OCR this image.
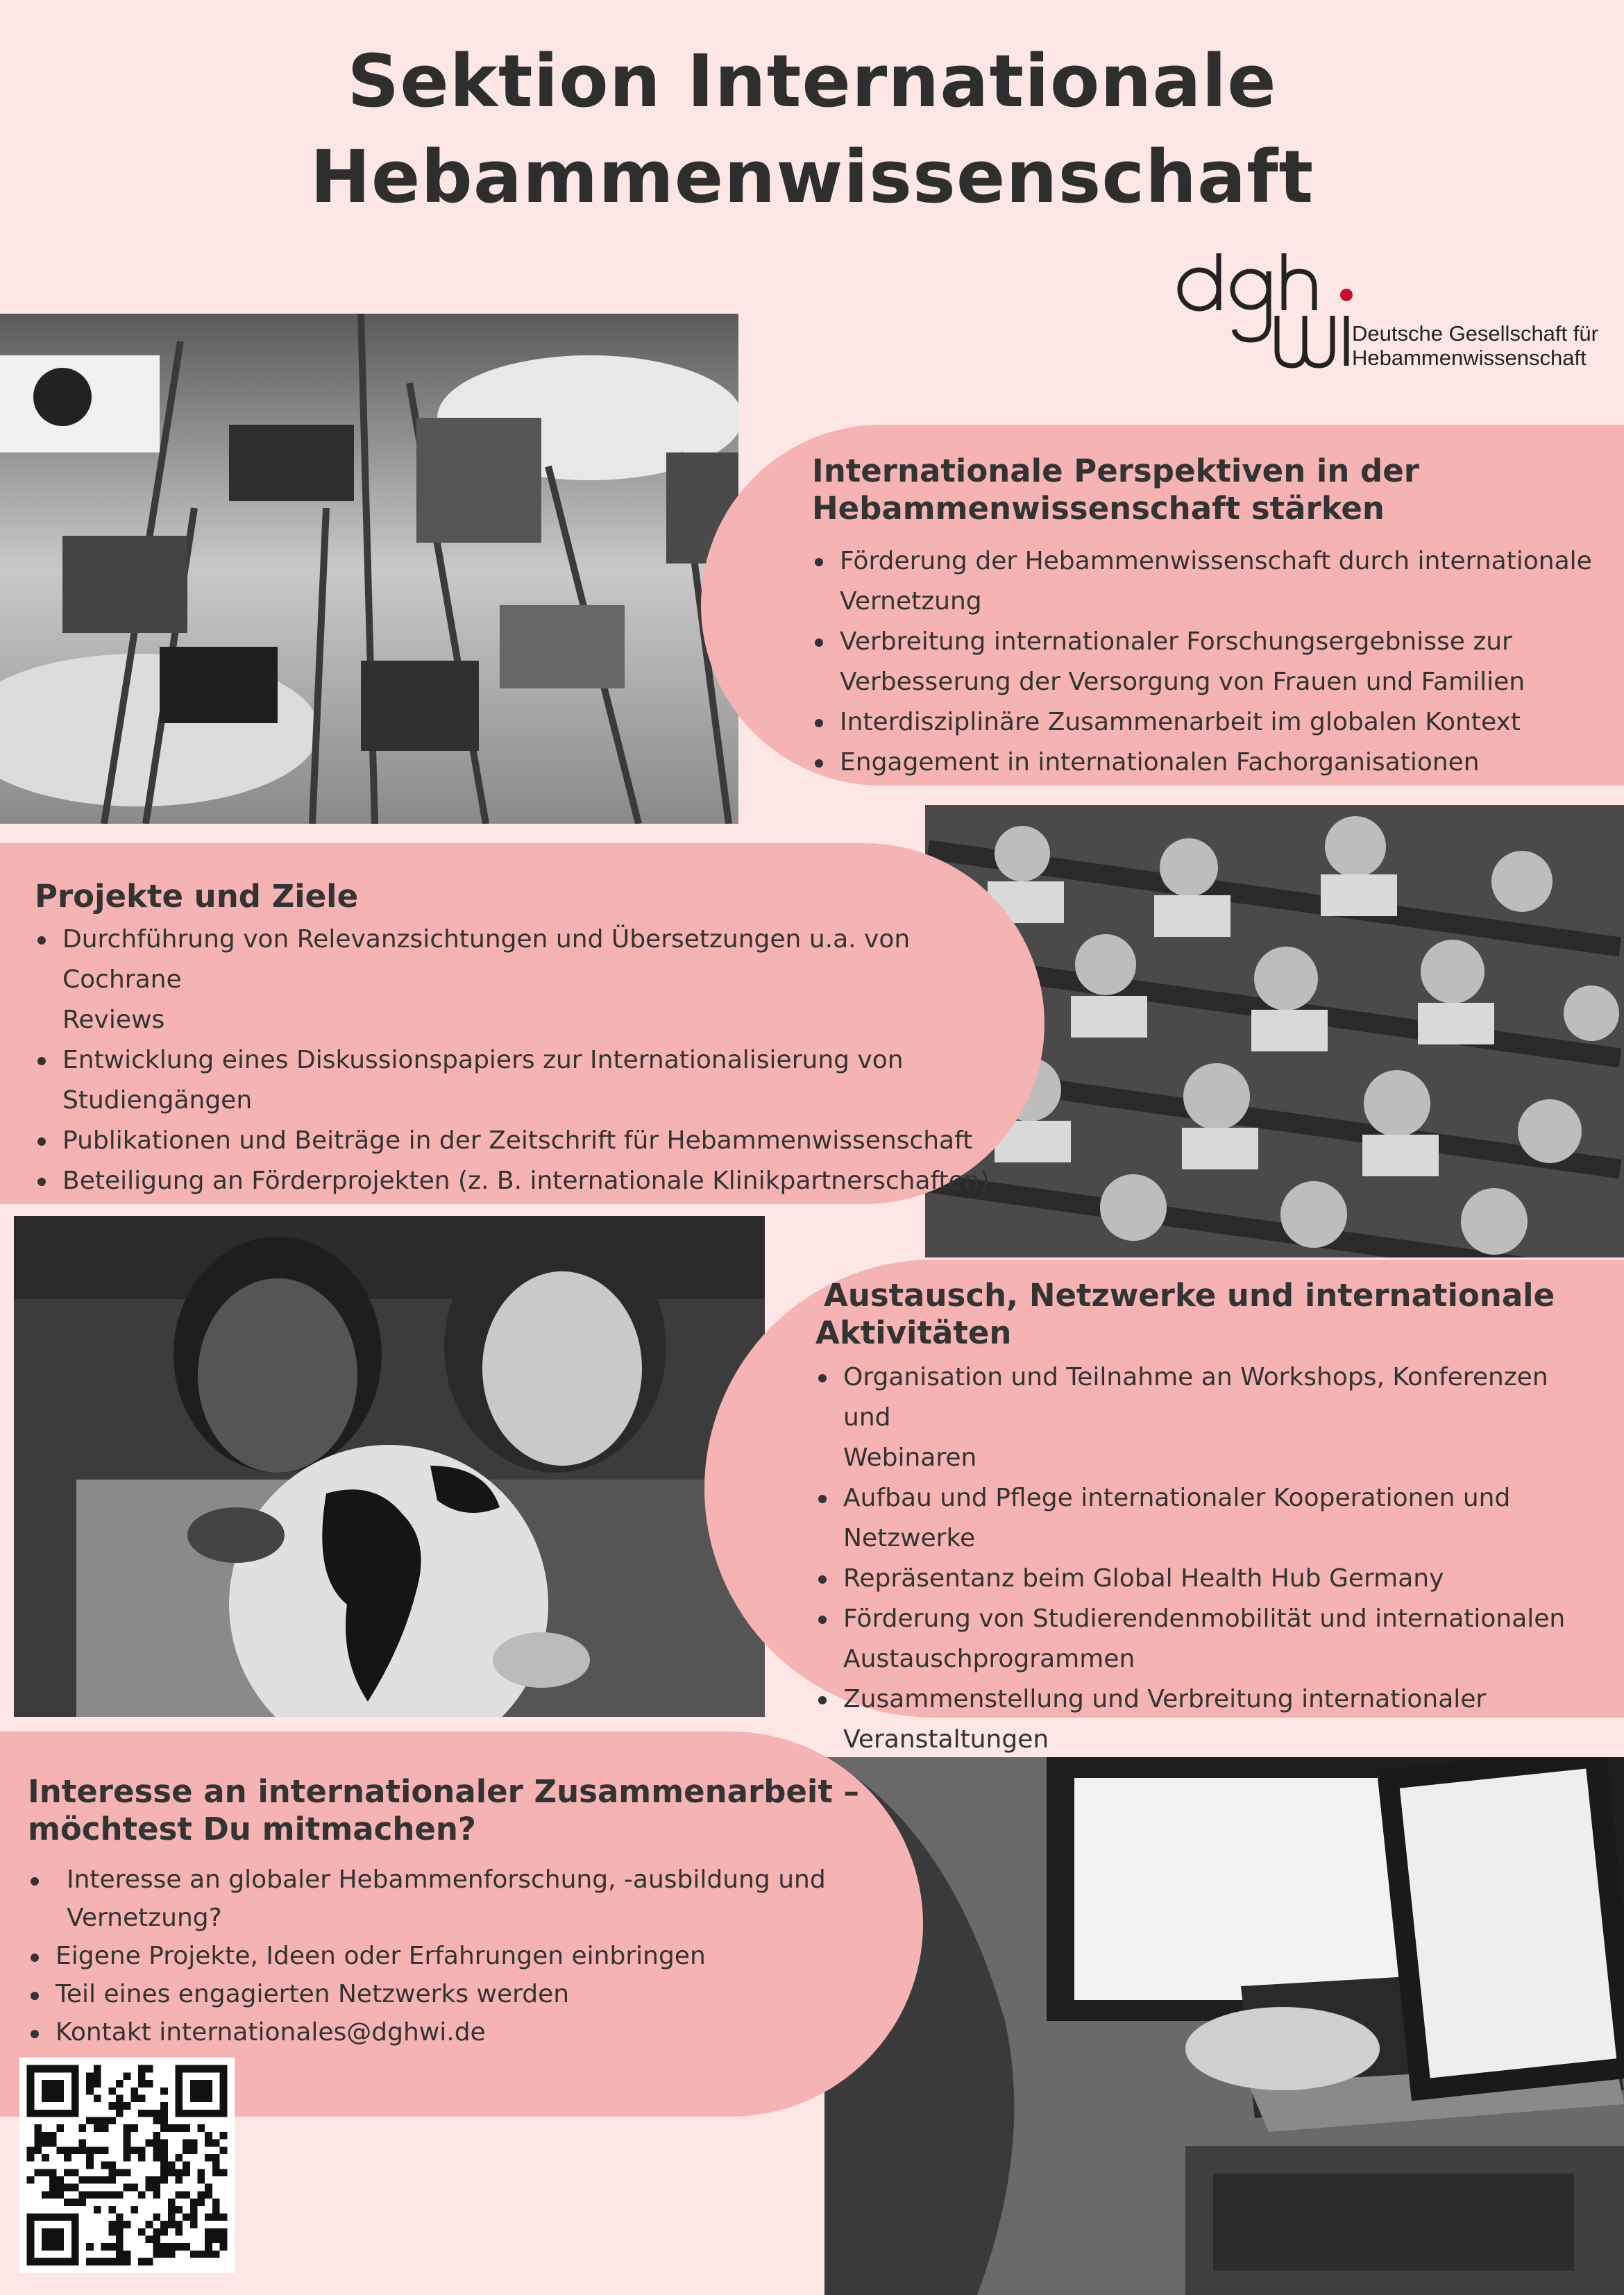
Sektion Internationale
Hebammenwissenschaft
Deutsche Gesellschaft für
Hebammenwissenschaft
Internationale Perspektiven in der
Hebammenwissenschaft stärken
Förderung der Hebammenwissenschaft durch internationale
Vernetzung
Verbreitung internationaler Forschungsergebnisse zur
Verbesserung der Versorgung von Frauen und Familien
Interdisziplinäre Zusammenarbeit im globalen Kontext
Engagement in internationalen Fachorganisationen
Projekte und Ziele
Durchführung von Relevanzsichtungen und Übersetzungen u.a. von Cochrane
Reviews
Entwicklung eines Diskussionspapiers zur Internationalisierung von
Studiengängen
Publikationen und Beiträge in der Zeitschrift für Hebammenwissenschaft
Beteiligung an Förderprojekten (z. B. internationale Klinikpartnerschaften)
Austausch, Netzwerke und internationale
Aktivitäten
Organisation und Teilnahme an Workshops, Konferenzen und
Webinaren
Aufbau und Pflege internationaler Kooperationen und
Netzwerke
Repräsentanz beim Global Health Hub Germany
Förderung von Studierendenmobilität und internationalen
Austauschprogrammen
Zusammenstellung und Verbreitung internationaler
Veranstaltungen
Interesse an internationaler Zusammenarbeit –
möchtest Du mitmachen?
Interesse an globaler Hebammenforschung, -ausbildung und
Vernetzung?
Eigene Projekte, Ideen oder Erfahrungen einbringen
Teil eines engagierten Netzwerks werden
Kontakt internationales@dghwi.de
